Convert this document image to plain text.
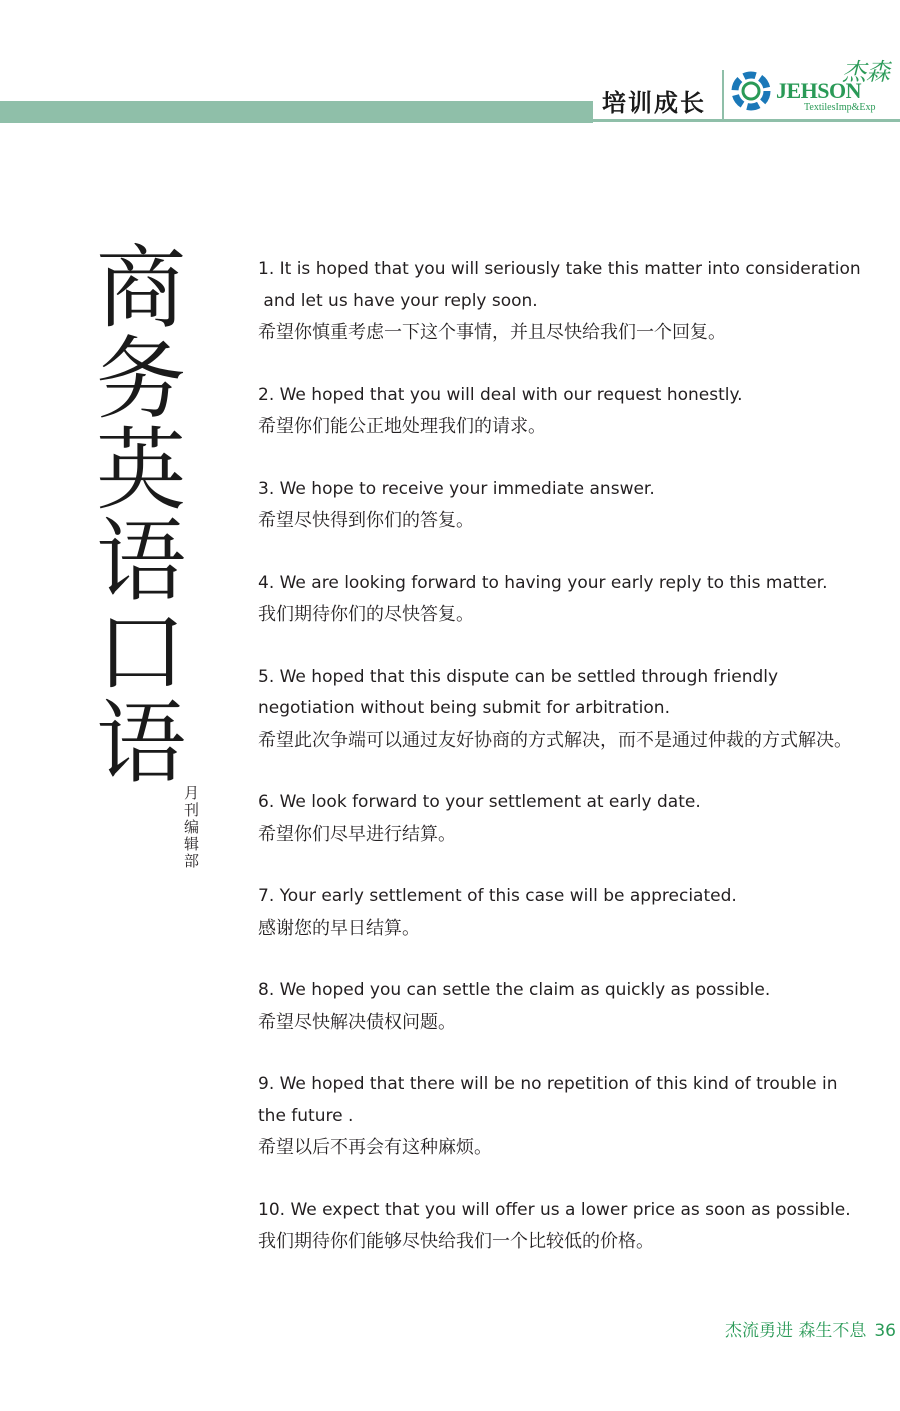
培训成长	JEHSON
TextilesImp&Exp
杰森
商务英语口语
月刊编辑部
1. It is hoped that you will seriously take this matter into consideration
and let us have your reply soon.
希望你慎重考虑一下这个事情，并且尽快给我们一个回复。
2. We hoped that you will deal with our request honestly.
希望你们能公正地处理我们的请求。
3. We hope to receive your immediate answer.
希望尽快得到你们的答复。
4. We are looking forward to having your early reply to this matter.
我们期待你们的尽快答复。
5. We hoped that this dispute can be settled through friendly
negotiation without being submit for arbitration.
希望此次争端可以通过友好协商的方式解决，而不是通过仲裁的方式解决。
6. We look forward to your settlement at early date.
希望你们尽早进行结算。
7. Your early settlement of this case will be appreciated.
感谢您的早日结算。
8. We hoped you can settle the claim as quickly as possible.
希望尽快解决债权问题。
9. We hoped that there will be no repetition of this kind of trouble in
the future .
希望以后不再会有这种麻烦。
10. We expect that you will offer us a lower price as soon as possible.
我们期待你们能够尽快给我们一个比较低的价格。
杰流勇进 森生不息 36
